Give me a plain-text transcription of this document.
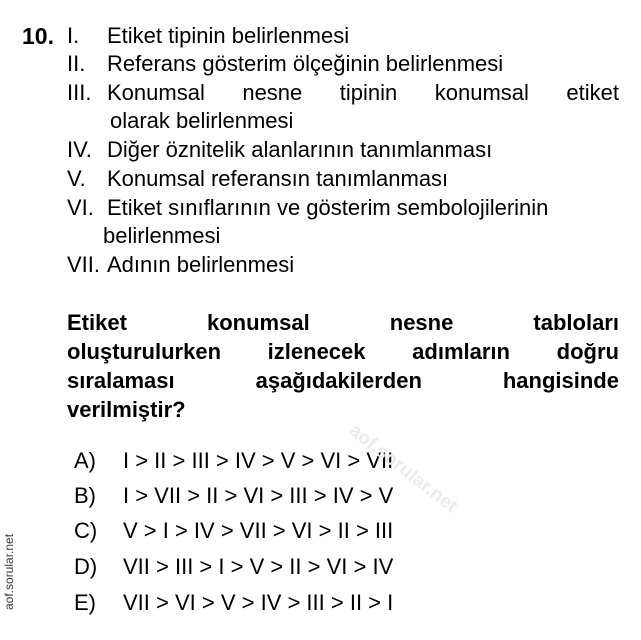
10. I. Etiket tipinin belirlenmesi
II. Referans gösterim ölçeğinin belirlenmesi
III. Konumsal nesne tipinin konumsal etiket
olarak belirlenmesi
IV. Diğer öznitelik alanlarının tanımlanması
V. Konumsal referansın tanımlanması
VI. Etiket sınıflarının ve gösterim sembolojilerinin
belirlenmesi
VII. Adının belirlenmesi
Etiket	konumsal	nesne	tabloları
oluşturulurken izlenecek adımların doğru
sıralaması	aşağıdakilerden	hangisinde
verilmiştir?
A) I > II > III > IV > V > VI > VII
B) I > VII > II > VI > III > IV > V
C) V > I > IV > VII > VI > II > III
D) VII > III > I > V > II > VI > IV
E) VII > VI > V > IV > III > II > I
aof.sorular.net
aof.sorular.net
